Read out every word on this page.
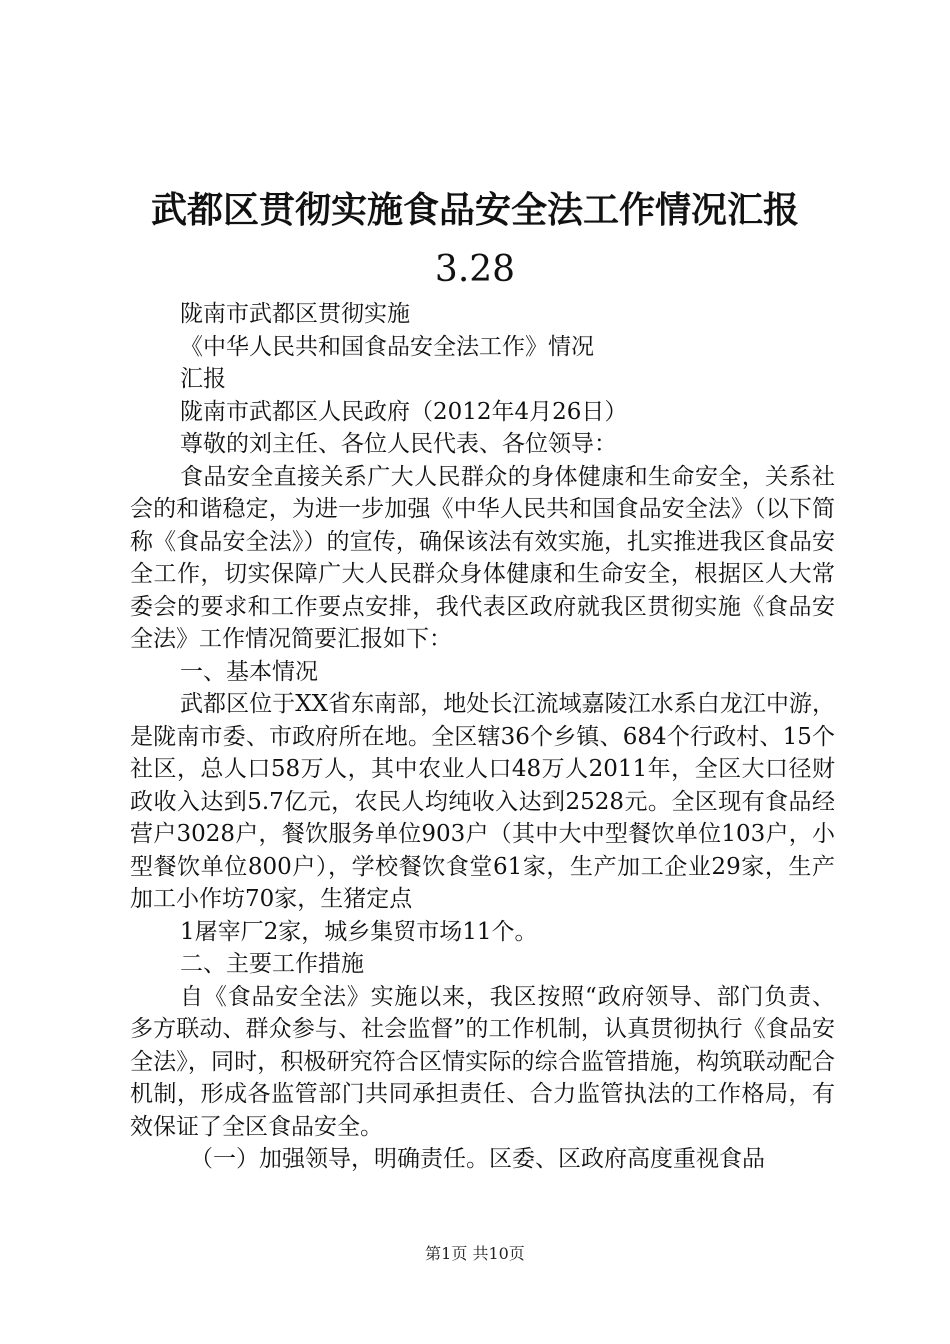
武都区贯彻实施食品安全法工作情况汇报
3.28

陇南市武都区贯彻实施

《中华人民共和国食品安全法工作》情况

汇报

陇南市武都区人民政府（2012年4月26日）

尊敬的刘主任、各位人民代表、各位领导：

食品安全直接关系广大人民群众的身体健康和生命安全，关系社会的和谐稳定，为进一步加强《中华人民共和国食品安全法》（以下简称《食品安全法》）的宣传，确保该法有效实施，扎实推进我区食品安全工作，切实保障广大人民群众身体健康和生命安全，根据区人大常委会的要求和工作要点安排，我代表区政府就我区贯彻实施《食品安全法》工作情况简要汇报如下：

一、基本情况

武都区位于XX省东南部，地处长江流域嘉陵江水系白龙江中游，是陇南市委、市政府所在地。全区辖36个乡镇、684个行政村、15个社区，总人口58万人，其中农业人口48万人2011年，全区大口径财政收入达到5.7亿元，农民人均纯收入达到2528元。全区现有食品经营户3028户，餐饮服务单位903户（其中大中型餐饮单位103户，小型餐饮单位800户），学校餐饮食堂61家，生产加工企业29家，生产加工小作坊70家，生猪定点

1屠宰厂2家，城乡集贸市场11个。

二、主要工作措施

自《食品安全法》实施以来，我区按照“政府领导、部门负责、多方联动、群众参与、社会监督”的工作机制，认真贯彻执行《食品安全法》，同时，积极研究符合区情实际的综合监管措施，构筑联动配合机制，形成各监管部门共同承担责任、合力监管执法的工作格局，有效保证了全区食品安全。

（一）加强领导，明确责任。区委、区政府高度重视食品

第1页 共10页
